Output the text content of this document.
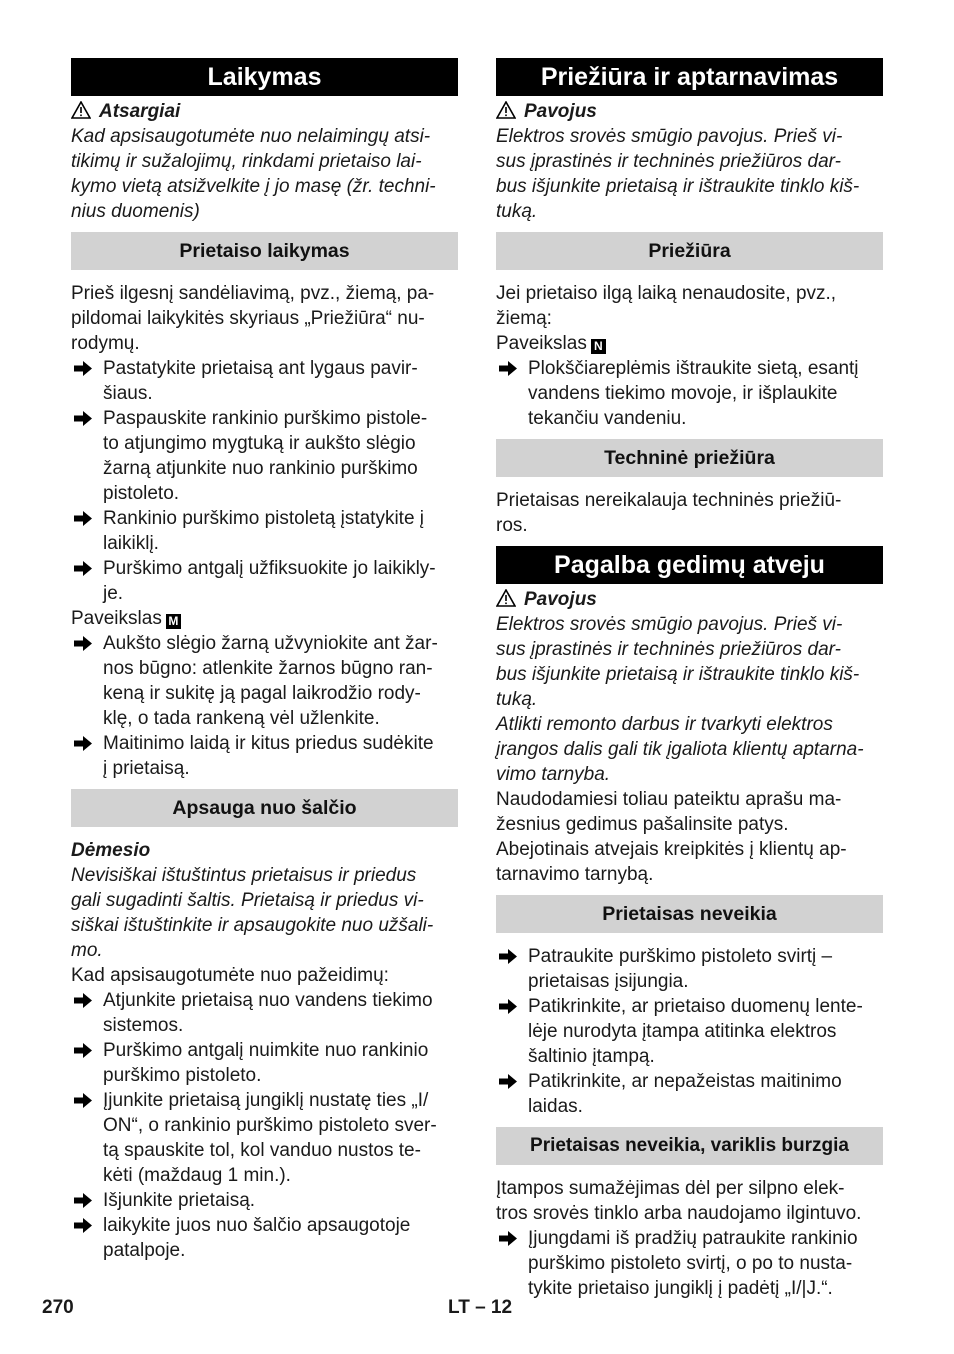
Laikymas
Atsargiai
Kad apsisaugotumėte nuo nelaimingų atsi-
tikimų ir sužalojimų, rinkdami prietaiso lai-
kymo vietą atsižvelkite į jo masę (žr. techni-
nius duomenis)
Prietaiso laikymas
Prieš ilgesnį sandėliavimą, pvz., žiemą, pa-
pildomai laikykitės skyriaus „Priežiūra“ nu-
rodymų.
Pastatykite prietaisą ant lygaus pavir-
šiaus.
Paspauskite rankinio purškimo pistole-
to atjungimo mygtuką ir aukšto slėgio
žarną atjunkite nuo rankinio purškimo
pistoleto.
Rankinio purškimo pistoletą įstatykite į
laikiklį.
Purškimo antgalį užfiksuokite jo laikikly-
je.
Paveikslas M
Aukšto slėgio žarną užvyniokite ant žar-
nos būgno: atlenkite žarnos būgno ran-
keną ir sukitę ją pagal laikrodžio rody-
klę, o tada rankeną vėl užlenkite.
Maitinimo laidą ir kitus priedus sudėkite
į prietaisą.
Apsauga nuo šalčio
Dėmesio
Nevisiškai ištuštintus prietaisus ir priedus
gali sugadinti šaltis. Prietaisą ir priedus vi-
siškai ištuštinkite ir apsaugokite nuo užšali-
mo.
Kad apsisaugotumėte nuo pažeidimų:
Atjunkite prietaisą nuo vandens tiekimo
sistemos.
Purškimo antgalį nuimkite nuo rankinio
purškimo pistoleto.
Įjunkite prietaisą jungiklį nustatę ties „I/
ON“, o rankinio purškimo pistoleto sver-
tą spauskite tol, kol vanduo nustos te-
kėti (maždaug 1 min.).
Išjunkite prietaisą.
laikykite juos nuo šalčio apsaugotoje
patalpoje.
Priežiūra ir aptarnavimas
Pavojus
Elektros srovės smūgio pavojus. Prieš vi-
sus įprastinės ir techninės priežiūros dar-
bus išjunkite prietaisą ir ištraukite tinklo kiš-
tuką.
Priežiūra
Jei prietaiso ilgą laiką nenaudosite, pvz.,
žiemą:
Paveikslas N
Plokščiareplėmis ištraukite sietą, esantį
vandens tiekimo movoje, ir išplaukite
tekančiu vandeniu.
Techninė priežiūra
Prietaisas nereikalauja techninės priežiū-
ros.
Pagalba gedimų atveju
Pavojus
Elektros srovės smūgio pavojus. Prieš vi-
sus įprastinės ir techninės priežiūros dar-
bus išjunkite prietaisą ir ištraukite tinklo kiš-
tuką.
Atlikti remonto darbus ir tvarkyti elektros
įrangos dalis gali tik įgaliota klientų aptarna-
vimo tarnyba.
Naudodamiesi toliau pateiktu aprašu ma-
žesnius gedimus pašalinsite patys.
Abejotinais atvejais kreipkitės į klientų ap-
tarnavimo tarnybą.
Prietaisas neveikia
Patraukite purškimo pistoleto svirtį –
prietaisas įsijungia.
Patikrinkite, ar prietaiso duomenų lente-
lėje nurodyta įtampa atitinka elektros
šaltinio įtampą.
Patikrinkite, ar nepažeistas maitinimo
laidas.
Prietaisas neveikia, variklis burzgia
Įtampos sumažėjimas dėl per silpno elek-
tros srovės tinklo arba naudojamo ilgintuvo.
Įjungdami iš pradžių patraukite rankinio
purškimo pistoleto svirtį, o po to nusta-
tykite prietaiso jungiklį į padėtį „I/|J.“.
270	LT – 12
